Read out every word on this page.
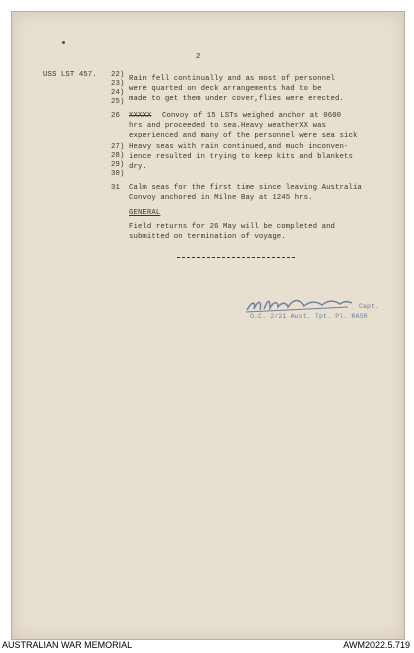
2
USS LST 457. 22)
23)
24)
25)
Rain fell continually and as most of personnel
were quarted on deck arrangements had to be
made to get them under cover,flies were erected.
26 XXXXX Convoy of 15 LSTs weighed anchor at 0600
hrs and proceeded to sea.Heavy weatherXX was
experienced and many of the personnel were sea sick
27)
28)
29)
30)
Heavy seas with rain continued,and much inconven-
ience resulted in trying to keep kits and blankets
dry.
31 Calm seas for the first time since leaving Australia
Convoy anchored in Milne Bay at 1245 hrs.
GENERAL
Field returns for 26 May will be completed and
submitted on termination of voyage.
Capt.
O.C. 2/21 Aust. Tpt. Pl. RASR
AUSTRALIAN WAR MEMORIAL	AWM2022.5.719
